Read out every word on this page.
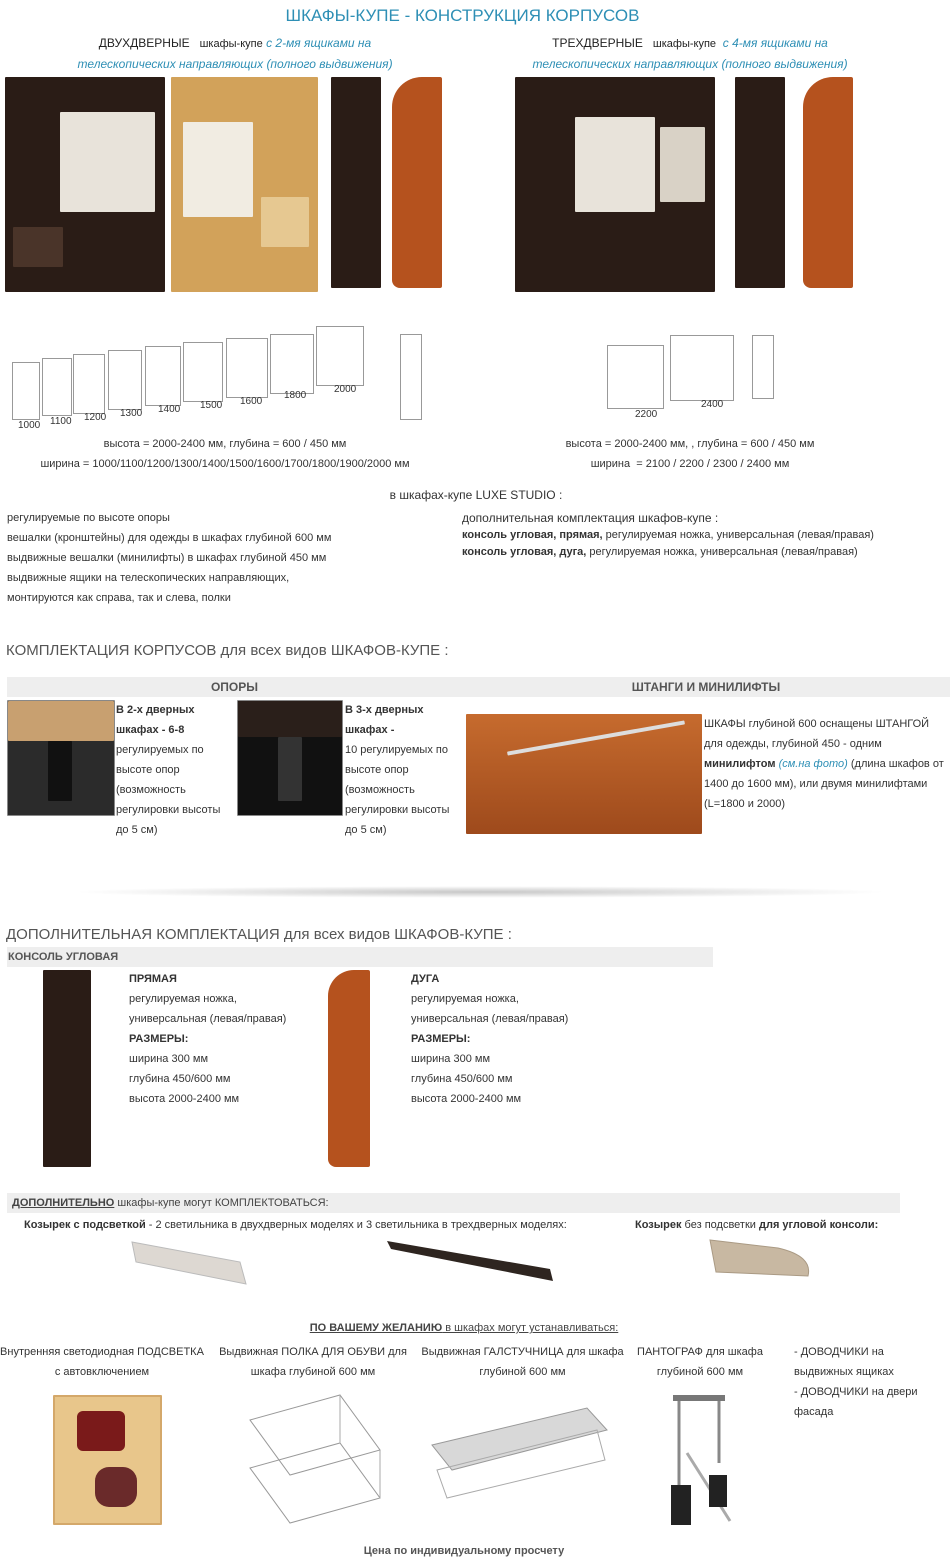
ШКАФЫ-КУПЕ - КОНСТРУКЦИЯ КОРПУСОВ
ДВУХДВЕРНЫЕ шкафы-купе с 2-мя ящиками на
телескопических направляющих (полного выдвижения)
ТРЕХДВЕРНЫЕ шкафы-купе с 4-мя ящиками на
телескопических направляющих (полного выдвижения)
1000 1100 1200 1300 1400 1500 1600
1800
2000
2200
2400
высота = 2000-2400 мм, глубина = 600 / 450 мм
ширина = 1000/1100/1200/1300/1400/1500/1600/1700/1800/1900/2000 мм
высота = 2000-2400 мм, , глубина = 600 / 450 мм
ширина = 2100 / 2200 / 2300 / 2400 мм
в шкафах-купе LUXE STUDIO :
регулируемые по высоте опоры
вешалки (кронштейны) для одежды в шкафах глубиной 600 мм
выдвижные вешалки (минилифты) в шкафах глубиной 450 мм
выдвижные ящики на телескопических направляющих,
монтируются как справа, так и слева, полки
дополнительная комплектация шкафов-купе :
консоль угловая, прямая, регулируемая ножка, универсальная (левая/правая)
консоль угловая, дуга, регулируемая ножка, универсальная (левая/правая)
КОМПЛЕКТАЦИЯ КОРПУСОВ для всех видов ШКАФОВ-КУПЕ :
ОПОРЫ	ШТАНГИ И МИНИЛИФТЫ
В 2-х дверных
шкафах - 6-8
регулируемых по
высоте опор
(возможность
регулировки высоты
до 5 см)
В 3-х дверных
шкафах -
10 регулируемых по
высоте опор
(возможность
регулировки высоты
до 5 см)
ШКАФЫ глубиной 600 оснащены ШТАНГОЙ
для одежды, глубиной 450 - одним
минилифтом (см.на фото) (длина шкафов от
1400 до 1600 мм), или двумя минилифтами
(L=1800 и 2000)
ДОПОЛНИТЕЛЬНАЯ КОМПЛЕКТАЦИЯ для всех видов ШКАФОВ-КУПЕ :
КОНСОЛЬ УГЛОВАЯ
ПРЯМАЯ
регулируемая ножка,
универсальная (левая/правая)
РАЗМЕРЫ:
ширина 300 мм
глубина 450/600 мм
высота 2000-2400 мм
ДУГА
регулируемая ножка,
универсальная (левая/правая)
РАЗМЕРЫ:
ширина 300 мм
глубина 450/600 мм
высота 2000-2400 мм
ДОПОЛНИТЕЛЬНО шкафы-купе могут КОМПЛЕКТОВАТЬСЯ:
Козырек с подсветкой - 2 светильника в двухдверных моделях и 3 светильника в трехдверных моделях:	Козырек без подсветки для угловой консоли:
ПО ВАШЕМУ ЖЕЛАНИЮ в шкафах могут устанавливаться:
Внутренняя светодиодная ПОДСВЕТКА
с автовключением
Выдвижная ПОЛКА ДЛЯ ОБУВИ для
шкафа глубиной 600 мм
Выдвижная ГАЛСТУЧНИЦА для шкафа
глубиной 600 мм
ПАНТОГРАФ для шкафа
глубиной 600 мм
- ДОВОДЧИКИ на
выдвижных ящиках
- ДОВОДЧИКИ на двери
фасада
Цена по индивидуальному просчету
